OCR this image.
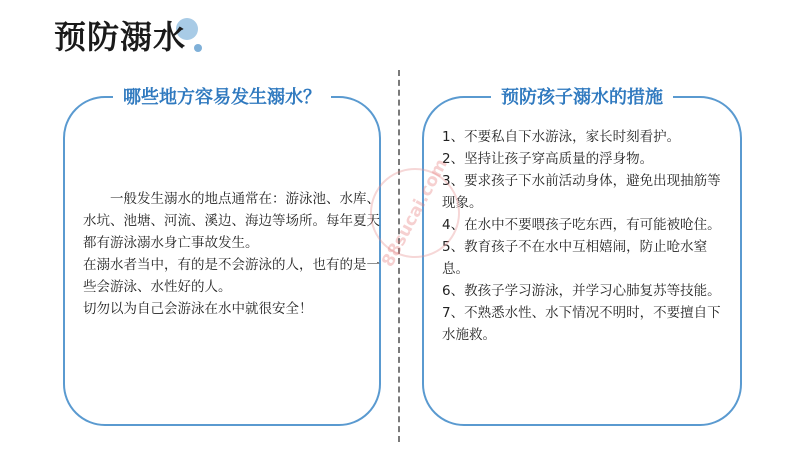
预防溺水
哪些地方容易发生溺水？

一般发生溺水的地点通常在：游泳池、水库、水坑、池塘、河流、溪边、海边等场所。每年夏天都有游泳溺水身亡事故发生。

在溺水者当中，有的是不会游泳的人，也有的是一些会游泳、水性好的人。

切勿以为自己会游泳在水中就很安全！

预防孩子溺水的措施

1、不要私自下水游泳，家长时刻看护。

2、坚持让孩子穿高质量的浮身物。

3、要求孩子下水前活动身体，避免出现抽筋等现象。

4、在水中不要喂孩子吃东西，有可能被呛住。

5、教育孩子不在水中互相嬉闹，防止呛水窒息。

6、教孩子学习游泳，并学习心肺复苏等技能。

7、不熟悉水性、水下情况不明时，不要擅自下水施救。

88sucai.com
